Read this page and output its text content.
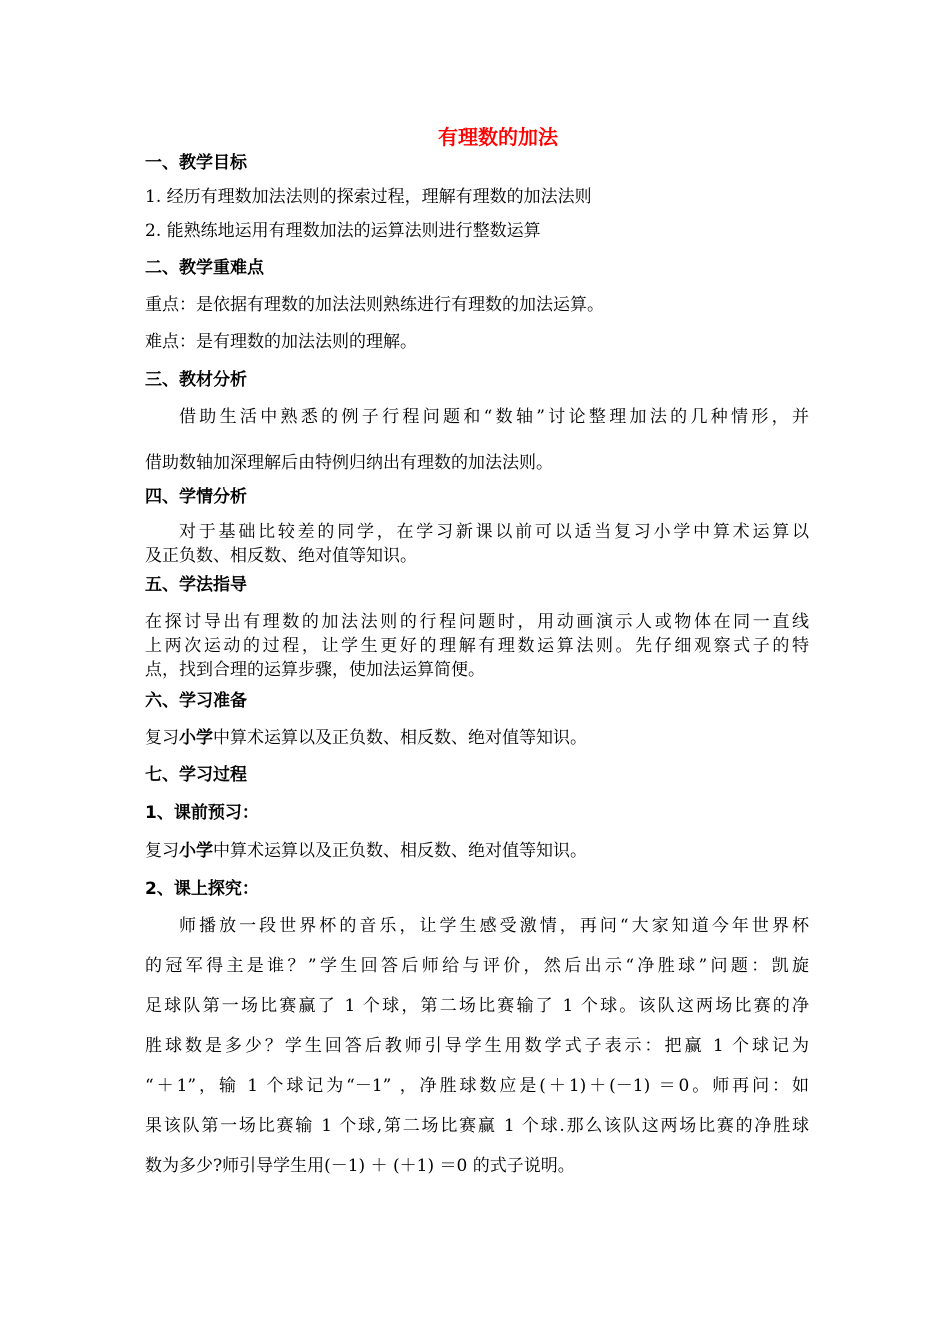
有理数的加法
一、教学目标
1. 经历有理数加法法则的探索过程，理解有理数的加法法则
2. 能熟练地运用有理数加法的运算法则进行整数运算
二、教学重难点
重点：是依据有理数的加法法则熟练进行有理数的加法运算。
难点：是有理数的加法法则的理解。
三、教材分析
借助生活中熟悉的例子行程问题和“数轴”讨论整理加法的几种情形，并
借助数轴加深理解后由特例归纳出有理数的加法法则。
四、学情分析
对于基础比较差的同学，在学习新课以前可以适当复习小学中算术运算以
及正负数、相反数、绝对值等知识。
五、学法指导
在探讨导出有理数的加法法则的行程问题时，用动画演示人或物体在同一直线
上两次运动的过程，让学生更好的理解有理数运算法则。先仔细观察式子的特
点，找到合理的运算步骤，使加法运算简便。
六、学习准备
复习小学中算术运算以及正负数、相反数、绝对值等知识。
七、学习过程
1、课前预习：
复习小学中算术运算以及正负数、相反数、绝对值等知识。
2、课上探究：
师播放一段世界杯的音乐，让学生感受激情，再问“大家知道今年世界杯
的冠军得主是谁？”学生回答后师给与评价，然后出示“净胜球”问题：凯旋
足球队第一场比赛赢了 1 个球，第二场比赛输了 1 个球。该队这两场比赛的净
胜球数是多少？学生回答后教师引导学生用数学式子表示：把赢 1 个球记为
“＋1”，输 1 个球记为“－1” ，净胜球数应是(＋1)＋(－1) ＝0。师再问：如
果该队第一场比赛输 1 个球,第二场比赛赢 1 个球.那么该队这两场比赛的净胜球
数为多少?师引导学生用(－1) ＋ (＋1) ＝0 的式子说明。
